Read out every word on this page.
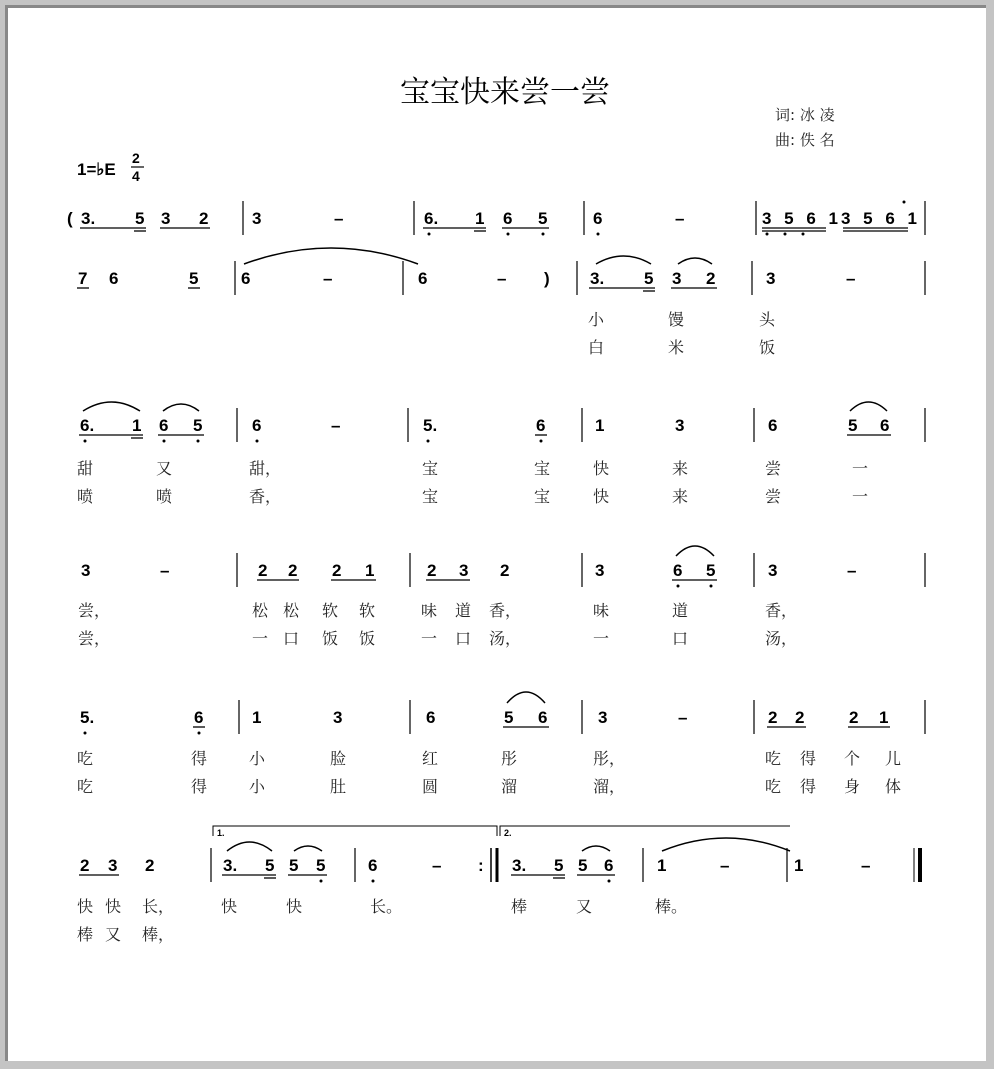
宝宝快来尝一尝
词: 冰 凌
曲: 佚 名
1=♭E
2
4
( 3. 5 3 2	3	–	6. 1 6 5	6	–	3 5 6 1 3 5 6 1
7 6	5	6	–	6	– ) 3. 5 3 2	3	–
小	馒	头
白	米	饭
6. 1 6 5	6	–	5.	6	1	3	6	5 6
甜	又	甜，	宝	宝	快	来	尝	一
喷	喷	香，	宝	宝	快	来	尝	一
3	–	2 2 2 1	2 3 2	3	6 5	3	–
尝，	松 松 软 软	味 道 香，	味	道	香，
尝，	一 口 饭 饭	一 口 汤，	一	口	汤，
5.	6	1	3	6	5 6	3	–	2 2	2 1
吃	得	小	脸	红	彤	彤，	吃 得 个 儿
吃	得	小	肚	圆	溜	溜，	吃 得 身 体
2 3 2	3. 5 5 5	6	– : 3. 5 5 6	1	–	1	–
快 快 长，	快	快	长。	棒	又	棒。
棒 又 棒，
1.	2.
